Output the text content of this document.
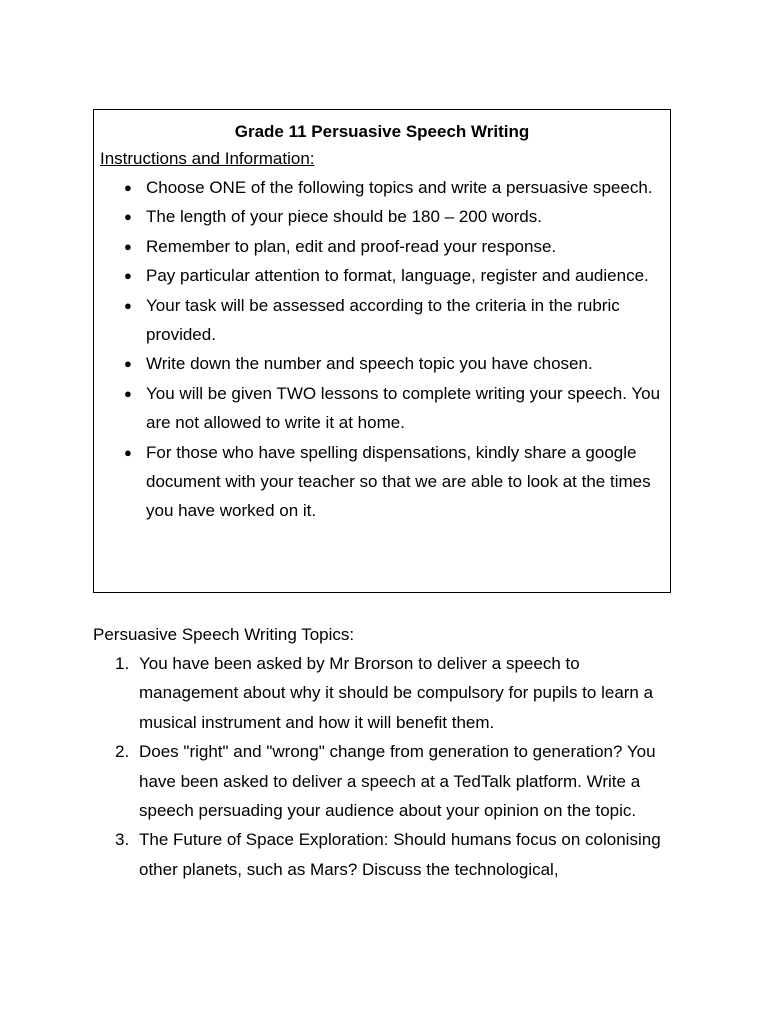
Grade 11 Persuasive Speech Writing
Instructions and Information:
● Choose ONE of the following topics and write a persuasive speech.
● The length of your piece should be 180 – 200 words.
● Remember to plan, edit and proof-read your response.
● Pay particular attention to format, language, register and audience.
● Your task will be assessed according to the criteria in the rubric provided.
● Write down the number and speech topic you have chosen.
● You will be given TWO lessons to complete writing your speech. You are not allowed to write it at home.
● For those who have spelling dispensations, kindly share a google document with your teacher so that we are able to look at the times you have worked on it.
Persuasive Speech Writing Topics:
1. You have been asked by Mr Brorson to deliver a speech to management about why it should be compulsory for pupils to learn a musical instrument and how it will benefit them.
2. Does "right" and "wrong" change from generation to generation? You have been asked to deliver a speech at a TedTalk platform. Write a speech persuading your audience about your opinion on the topic.
3. The Future of Space Exploration: Should humans focus on colonising other planets, such as Mars? Discuss the technological,
